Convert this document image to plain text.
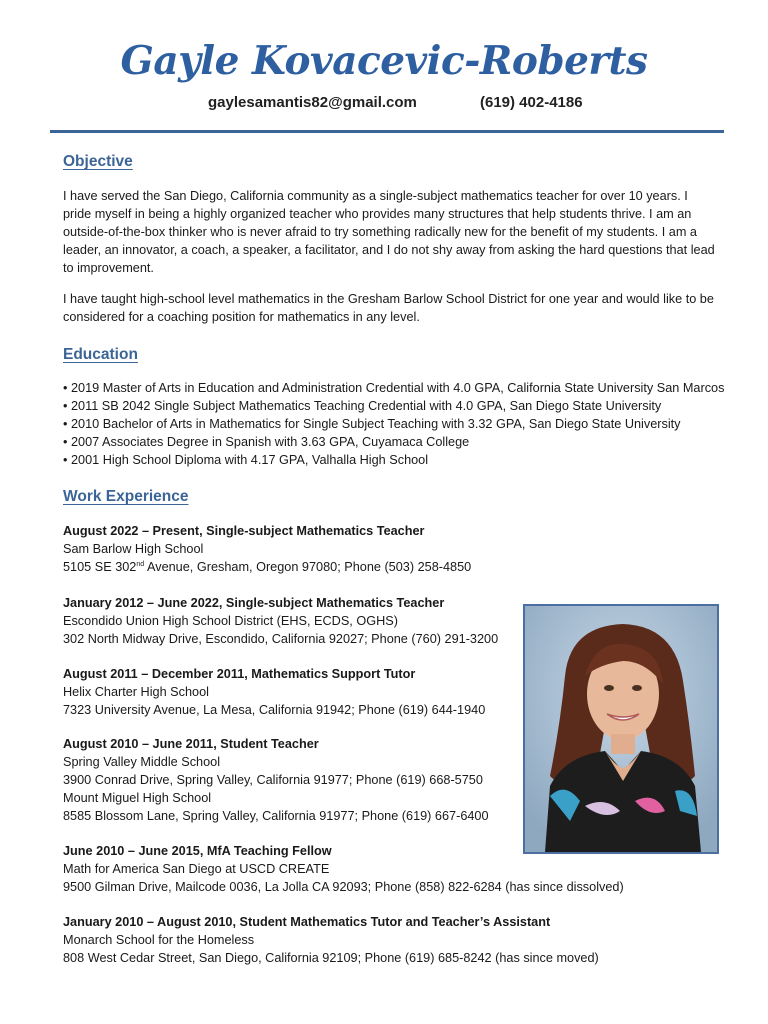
Gayle Kovacevic-Roberts
gaylesamantis82@gmail.com	(619) 402-4186
Objective

I have served the San Diego, California community as a single-subject mathematics teacher for over 10 years. I pride myself in being a highly organized teacher who provides many structures that help students thrive. I am an outside-of-the-box thinker who is never afraid to try something radically new for the benefit of my students. I am a leader, an innovator, a coach, a speaker, a facilitator, and I do not shy away from asking the hard questions that lead to improvement.

I have taught high-school level mathematics in the Gresham Barlow School District for one year and would like to be considered for a coaching position for mathematics in any level.

Education
• 2019 Master of Arts in Education and Administration Credential with 4.0 GPA, California State University San Marcos
• 2011 SB 2042 Single Subject Mathematics Teaching Credential with 4.0 GPA, San Diego State University
• 2010 Bachelor of Arts in Mathematics for Single Subject Teaching with 3.32 GPA, San Diego State University
• 2007 Associates Degree in Spanish with 3.63 GPA, Cuyamaca College
• 2001 High School Diploma with 4.17 GPA, Valhalla High School
Work Experience
August 2022 – Present, Single-subject Mathematics Teacher
Sam Barlow High School
5105 SE 302nd Avenue, Gresham, Oregon 97080; Phone (503) 258-4850
January 2012 – June 2022, Single-subject Mathematics Teacher
Escondido Union High School District (EHS, ECDS, OGHS)
302 North Midway Drive, Escondido, California 92027; Phone (760) 291-3200
August 2011 – December 2011, Mathematics Support Tutor
Helix Charter High School
7323 University Avenue, La Mesa, California 91942; Phone (619) 644-1940
August 2010 – June 2011, Student Teacher
Spring Valley Middle School
3900 Conrad Drive, Spring Valley, California 91977; Phone (619) 668-5750
Mount Miguel High School
8585 Blossom Lane, Spring Valley, California 91977; Phone (619) 667-6400
June 2010 – June 2015, MfA Teaching Fellow
Math for America San Diego at USCD CREATE
9500 Gilman Drive, Mailcode 0036, La Jolla CA 92093; Phone (858) 822-6284 (has since dissolved)
January 2010 – August 2010, Student Mathematics Tutor and Teacher’s Assistant
Monarch School for the Homeless
808 West Cedar Street, San Diego, California 92109; Phone (619) 685-8242 (has since moved)
